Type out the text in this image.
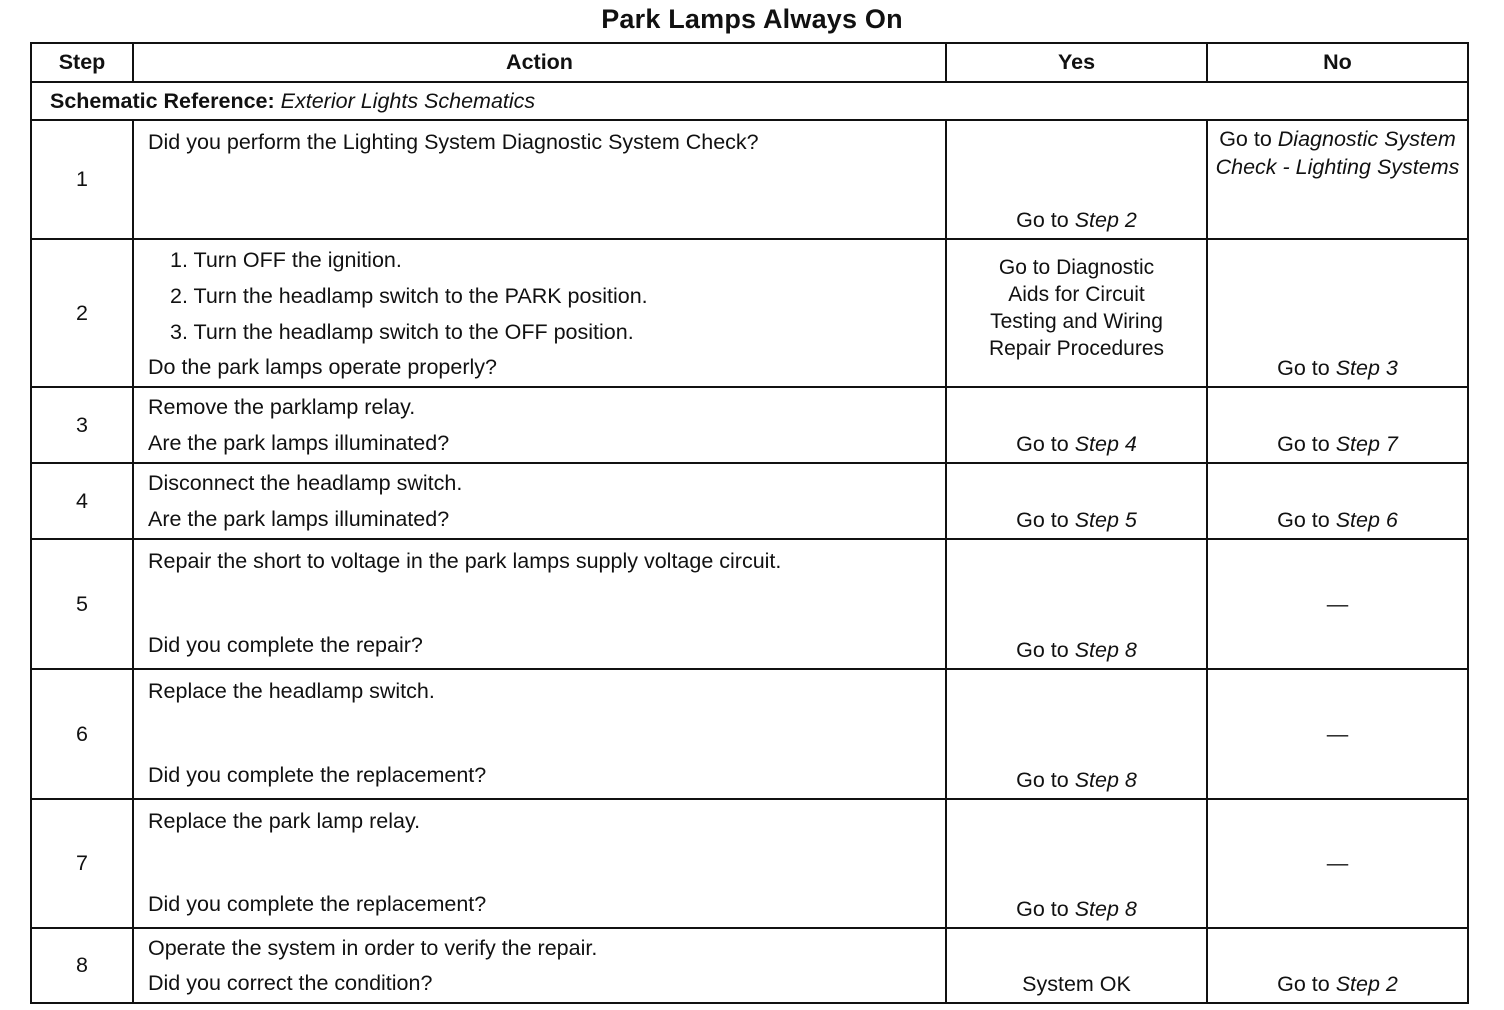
Park Lamps Always On
Step	Action	Yes	No
Schematic Reference: Exterior Lights Schematics			
1	Did you perform the Lighting System Diagnostic System Check?	Go to Step 2	Go to Diagnostic System Check - Lighting Systems
2	1. Turn OFF the ignition.
2. Turn the headlamp switch to the PARK position.
3. Turn the headlamp switch to the OFF position.
Do the park lamps operate properly?	Go to Diagnostic Aids for Circuit Testing and Wiring Repair Procedures	Go to Step 3
3	Remove the parklamp relay.
Are the park lamps illuminated?	Go to Step 4	Go to Step 7
4	Disconnect the headlamp switch.
Are the park lamps illuminated?	Go to Step 5	Go to Step 6
5	Repair the short to voltage in the park lamps supply voltage circuit.
Did you complete the repair?	Go to Step 8	—
6	Replace the headlamp switch.
Did you complete the replacement?	Go to Step 8	—
7	Replace the park lamp relay.
Did you complete the replacement?	Go to Step 8	—
8	Operate the system in order to verify the repair.
Did you correct the condition?	System OK	Go to Step 2
